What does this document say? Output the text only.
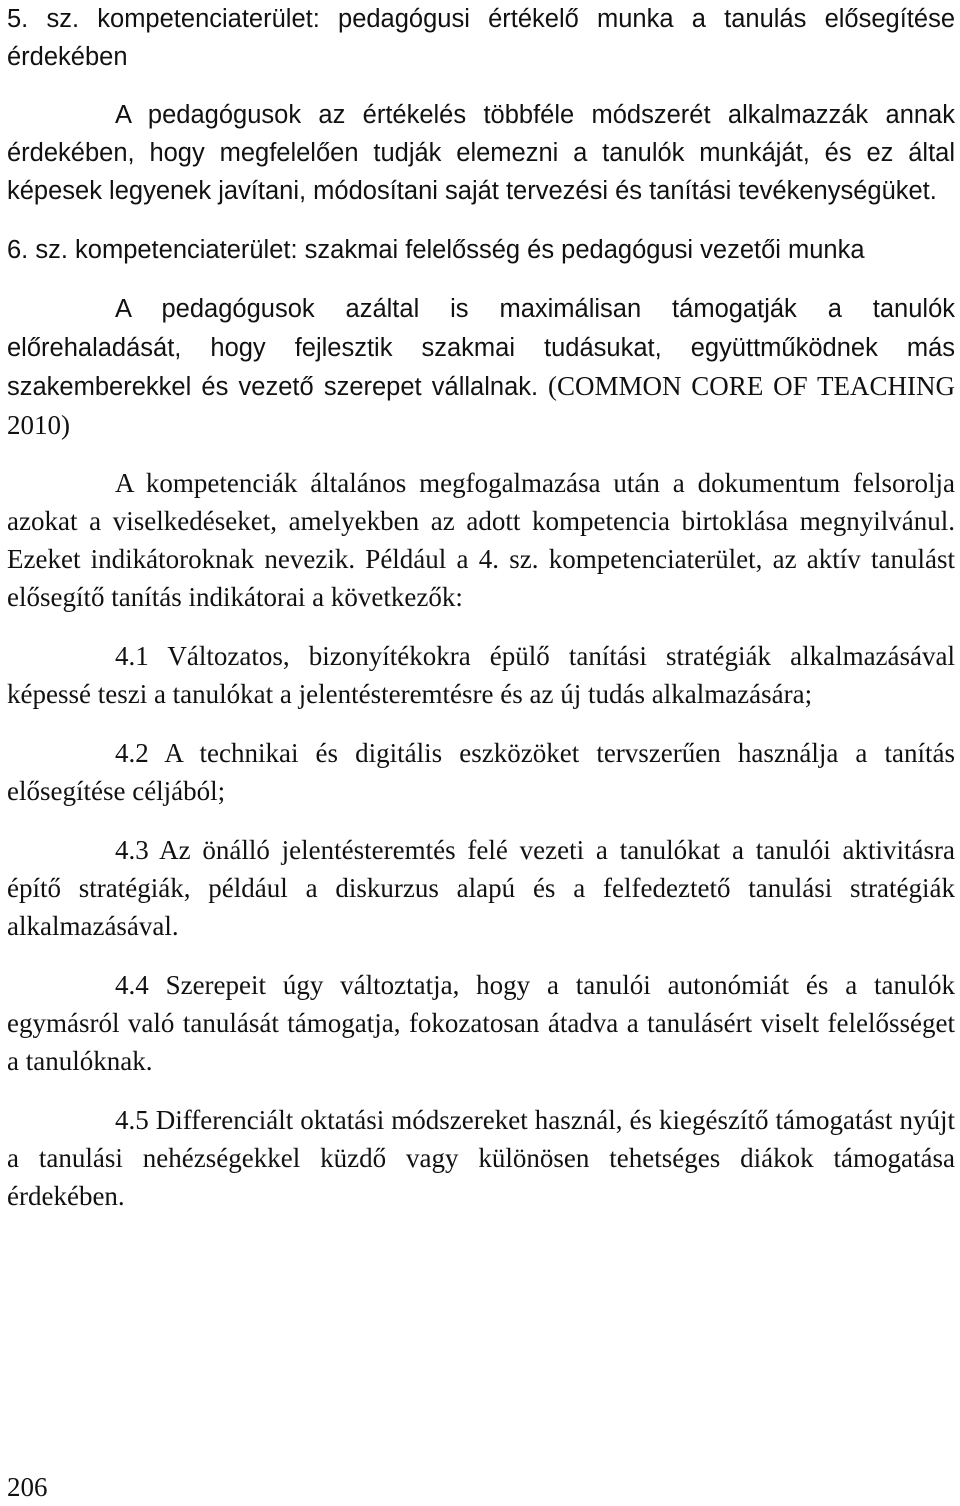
5. sz. kompetenciaterület: pedagógusi értékelő munka a tanulás elősegítése érdekében

A pedagógusok az értékelés többféle módszerét alkalmazzák annak érdekében, hogy megfelelően tudják elemezni a tanulók munkáját, és ez által képesek legyenek javítani, módosítani saját tervezési és tanítási tevékenységüket.

6. sz. kompetenciaterület: szakmai felelősség és pedagógusi vezetői munka

A pedagógusok azáltal is maximálisan támogatják a tanulók előrehaladását, hogy fejlesztik szakmai tudásukat, együttműködnek más szakemberekkel és vezető szerepet vállalnak. (COMMON CORE OF TEACHING 2010)

A kompetenciák általános megfogalmazása után a dokumentum felsorolja azokat a viselkedéseket, amelyekben az adott kompetencia birtoklása megnyilvánul. Ezeket indikátoroknak nevezik. Például a 4. sz. kompetenciaterület, az aktív tanulást elősegítő tanítás indikátorai a következők:

4.1 Változatos, bizonyítékokra épülő tanítási stratégiák alkalmazásával képessé teszi a tanulókat a jelentésteremtésre és az új tudás alkalmazására;

4.2 A technikai és digitális eszközöket tervszerűen használja a tanítás elősegítése céljából;

4.3 Az önálló jelentésteremtés felé vezeti a tanulókat a tanulói aktivitásra építő stratégiák, például a diskurzus alapú és a felfedeztető tanulási stratégiák alkalmazásával.

4.4 Szerepeit úgy változtatja, hogy a tanulói autonómiát és a tanulók egymásról való tanulását támogatja, fokozatosan átadva a tanulásért viselt felelősséget a tanulóknak.

4.5 Differenciált oktatási módszereket használ, és kiegészítő támogatást nyújt a tanulási nehézségekkel küzdő vagy különösen tehetséges diákok támogatása érdekében.

206
